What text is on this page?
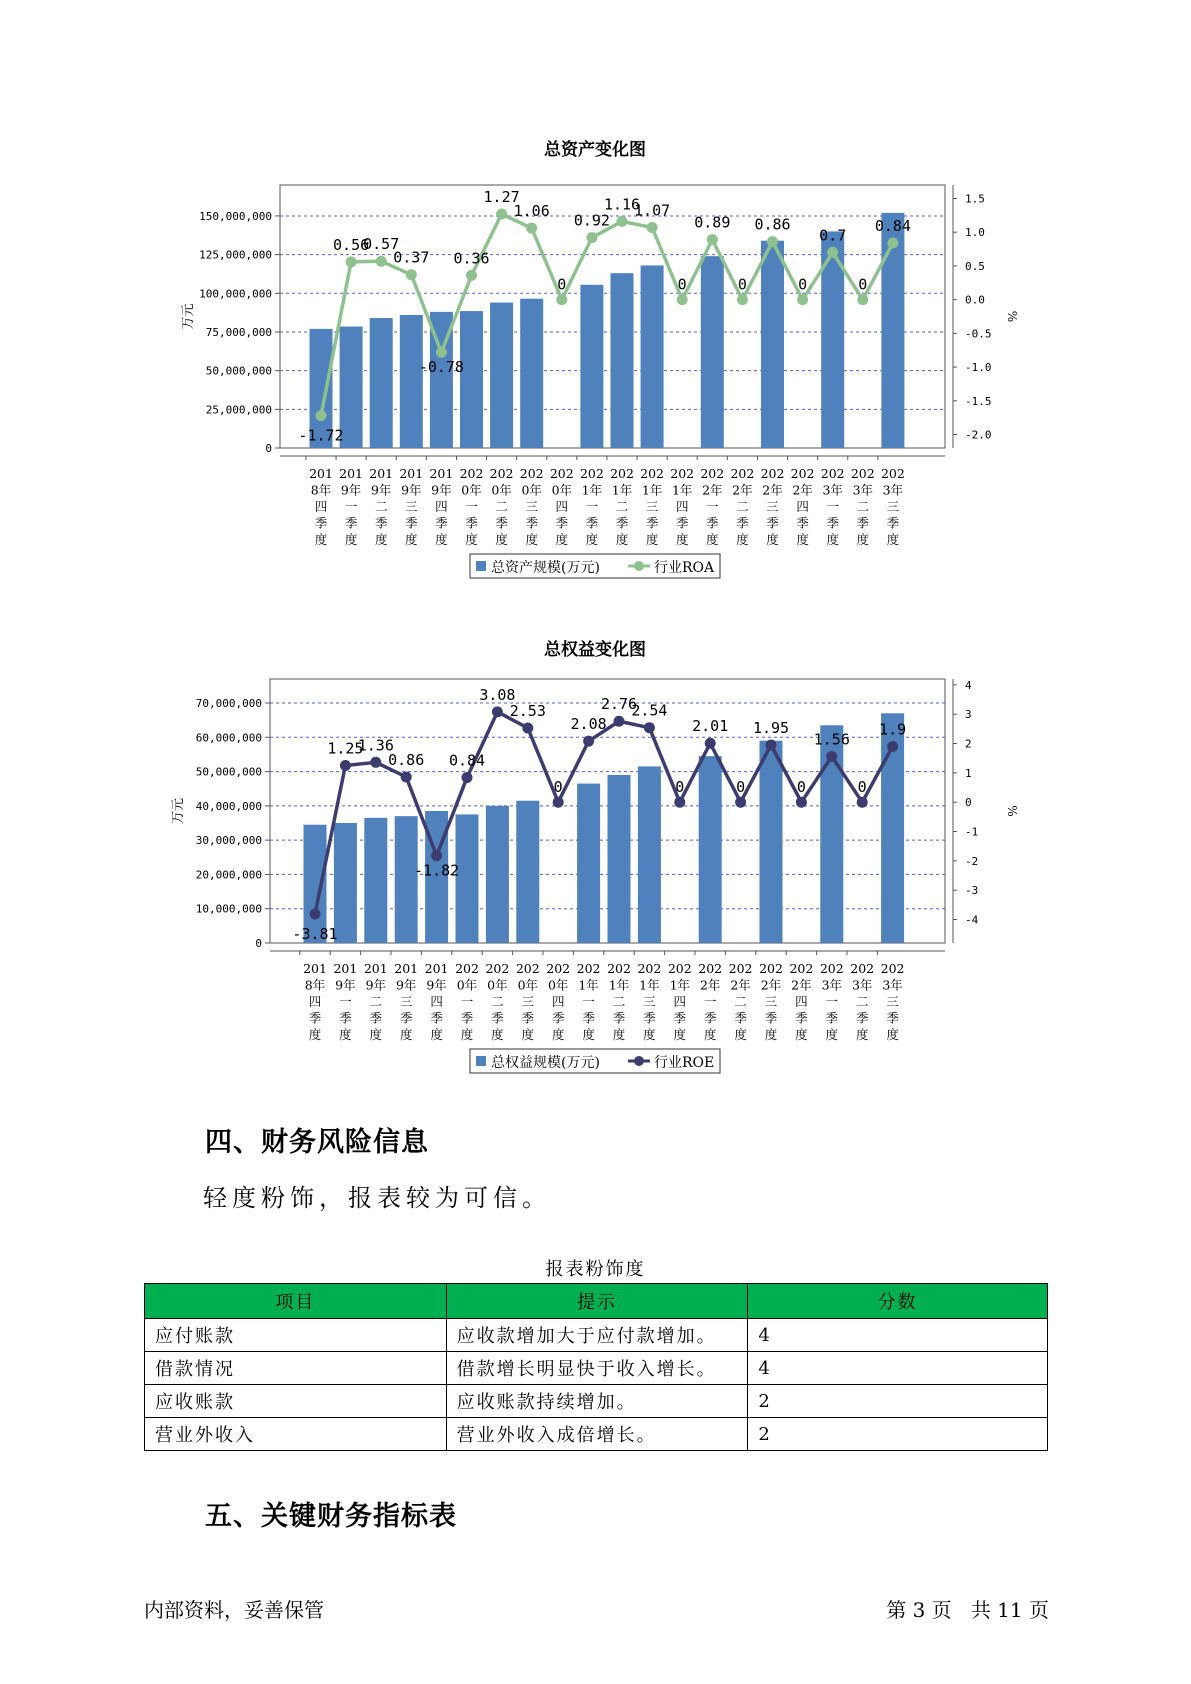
总资产变化图
0
25,000,000
50,000,000
75,000,000
100,000,000
125,000,000
150,000,000
万元
-2.0
-1.5
-1.0
-0.5
0.0
0.5
1.0
1.5
%
-1.72
0.56
0.57
0.37
-0.78
0.36
1.27
1.06
0
0.92
1.16
1.07
0
0.89
0
0.86
0
0.7
0
0.84
201
8年
四
季
度
201
9年
一
季
度
201
9年
二
季
度
201
9年
三
季
度
201
9年
四
季
度
202
0年
一
季
度
202
0年
二
季
度
202
0年
三
季
度
202
0年
四
季
度
202
1年
一
季
度
202
1年
二
季
度
202
1年
三
季
度
202
1年
四
季
度
202
2年
一
季
度
202
2年
二
季
度
202
2年
三
季
度
202
2年
四
季
度
202
3年
一
季
度
202
3年
二
季
度
202
3年
三
季
度
总资产规模(万元)	行业ROA
总权益变化图
0
10,000,000
20,000,000
30,000,000
40,000,000
50,000,000
60,000,000
70,000,000
万元
-4
-3
-2
-1
0
1
2
3
4
%
-3.81
1.25
1.36
0.86
-1.82
0.84
3.08
2.53
0
2.08
2.76
2.54
0
2.01
0
1.95
0
1.56
0
1.9
201
8年
四
季
度
201
9年
一
季
度
201
9年
二
季
度
201
9年
三
季
度
201
9年
四
季
度
202
0年
一
季
度
202
0年
二
季
度
202
0年
三
季
度
202
0年
四
季
度
202
1年
一
季
度
202
1年
二
季
度
202
1年
三
季
度
202
1年
四
季
度
202
2年
一
季
度
202
2年
二
季
度
202
2年
三
季
度
202
2年
四
季
度
202
3年
一
季
度
202
3年
二
季
度
202
3年
三
季
度
总权益规模(万元)	行业ROE
四、财务风险信息
轻度粉饰，报表较为可信。
报表粉饰度
项目	提示	分数
应付账款	应收款增加大于应付款增加。	4
借款情况	借款增长明显快于收入增长。	4
应收账款	应收账款持续增加。	2
营业外收入	营业外收入成倍增长。	2
五、关键财务指标表
内部资料，妥善保管	第 3 页   共 11 页
